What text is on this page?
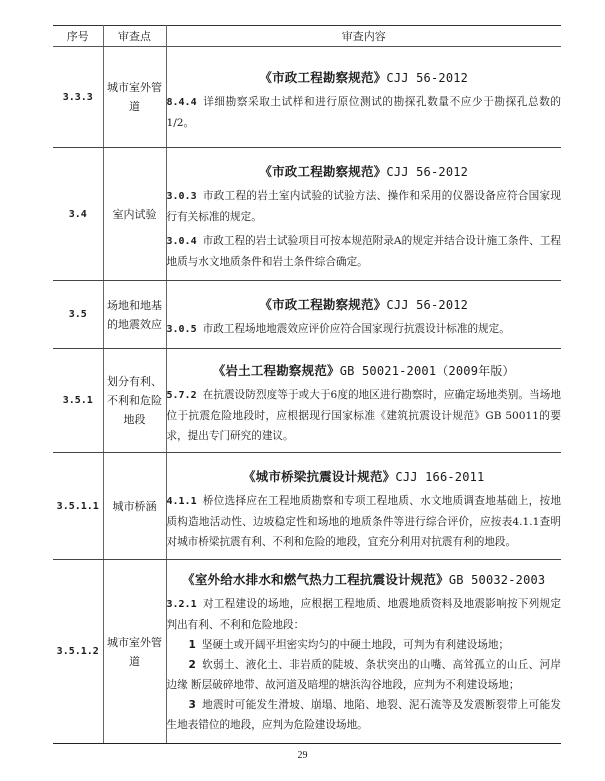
序号	审查点	审查内容
3.3.3	城市室外管道	《市政工程勘察规范》CJJ 56-2012

8.4.4 详细勘察采取土试样和进行原位测试的勘探孔数量不应少于勘探孔总数的1/2。

3.4	室内试验	《市政工程勘察规范》CJJ 56-2012

3.0.3 市政工程的岩土室内试验的试验方法、操作和采用的仪器设备应符合国家现行有关标准的规定。

3.0.4 市政工程的岩土试验项目可按本规范附录A的规定并结合设计施工条件、工程地质与水文地质条件和岩土条件综合确定。

3.5	场地和地基的地震效应	《市政工程勘察规范》CJJ 56-2012

3.0.5 市政工程场地地震效应评价应符合国家现行抗震设计标准的规定。

3.5.1	划分有利、不利和危险地段	《岩土工程勘察规范》GB 50021-2001（2009年版）

5.7.2 在抗震设防烈度等于或大于6度的地区进行勘察时，应确定场地类别。当场地位于抗震危险地段时，应根据现行国家标准《建筑抗震设计规范》GB 50011的要求，提出专门研究的建议。

3.5.1.1	城市桥涵	《城市桥梁抗震设计规范》CJJ 166-2011

4.1.1 桥位选择应在工程地质勘察和专项工程地质、水文地质调查地基础上，按地质构造地活动性、边坡稳定性和场地的地质条件等进行综合评价，应按表4.1.1查明对城市桥梁抗震有利、不利和危险的地段，宜充分利用对抗震有利的地段。

3.5.1.2	城市室外管道	《室外给水排水和燃气热力工程抗震设计规范》GB 50032-2003

3.2.1 对工程建设的场地，应根据工程地质、地震地质资料及地震影响按下列规定判出有利、不利和危险地段：

1 坚硬土或开阔平坦密实均匀的中硬土地段，可判为有利建设场地；

2 软弱土、液化土、非岩质的陡坡、条状突出的山嘴、高耸孤立的山丘、河岸边缘 断层破碎地带、故河道及暗埋的塘浜沟谷地段，应判为不利建设场地；

3 地震时可能发生滑坡、崩塌、地陷、地裂、泥石流等及发震断裂带上可能发生地表错位的地段，应判为危险建设场地。

29
